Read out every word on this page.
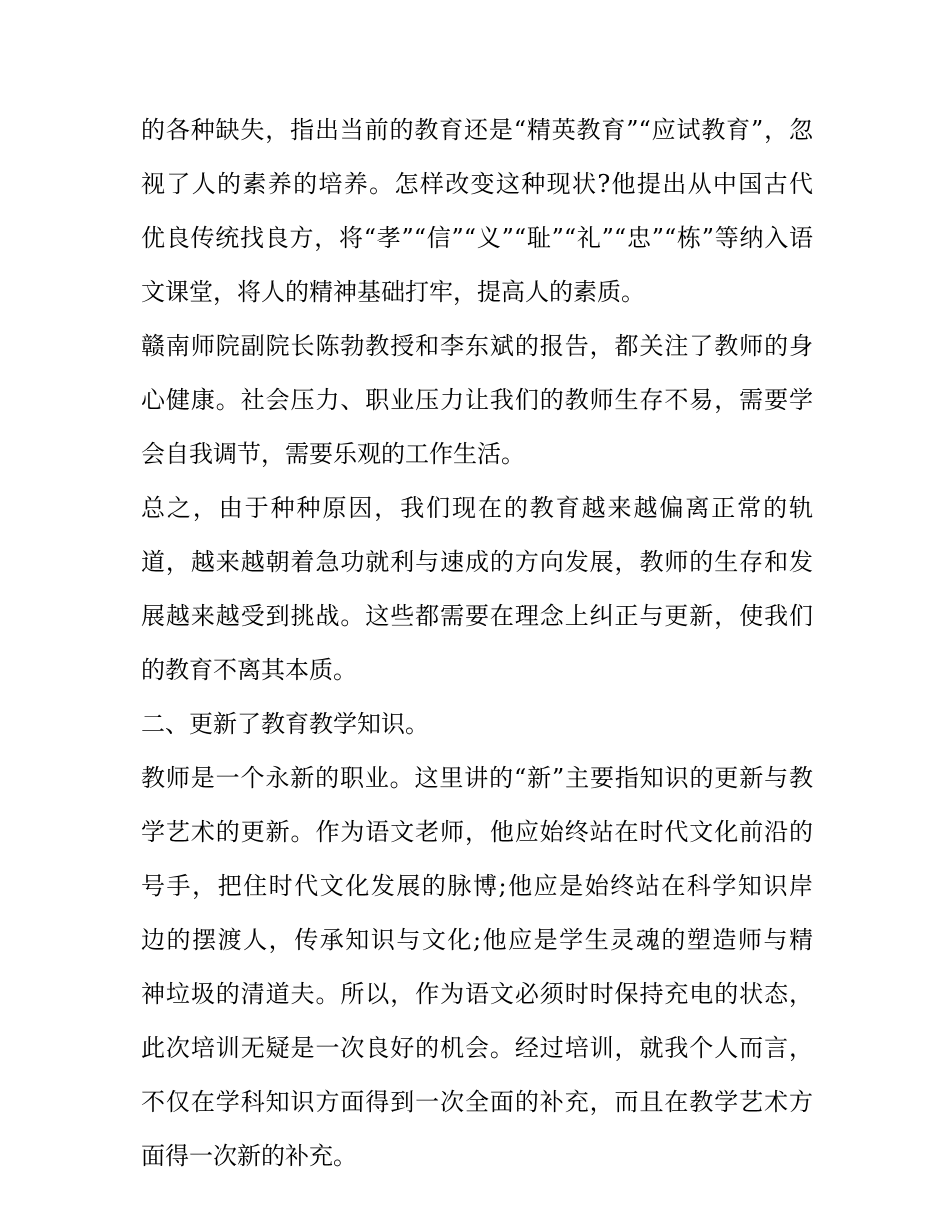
的各种缺失，指出当前的教育还是“精英教育”“应试教育”，忽
视了人的素养的培养。怎样改变这种现状?他提出从中国古代
优良传统找良方，将“孝”“信”“义”“耻”“礼”“忠”“栋”等纳入语
文课堂，将人的精神基础打牢，提高人的素质。
赣南师院副院长陈勃教授和李东斌的报告，都关注了教师的身
心健康。社会压力、职业压力让我们的教师生存不易，需要学
会自我调节，需要乐观的工作生活。
总之，由于种种原因，我们现在的教育越来越偏离正常的轨
道，越来越朝着急功就利与速成的方向发展，教师的生存和发
展越来越受到挑战。这些都需要在理念上纠正与更新，使我们
的教育不离其本质。
二、更新了教育教学知识。
教师是一个永新的职业。这里讲的“新”主要指知识的更新与教
学艺术的更新。作为语文老师，他应始终站在时代文化前沿的
号手，把住时代文化发展的脉博;他应是始终站在科学知识岸
边的摆渡人，传承知识与文化;他应是学生灵魂的塑造师与精
神垃圾的清道夫。所以，作为语文必须时时保持充电的状态，
此次培训无疑是一次良好的机会。经过培训，就我个人而言，
不仅在学科知识方面得到一次全面的补充，而且在教学艺术方
面得一次新的补充。
